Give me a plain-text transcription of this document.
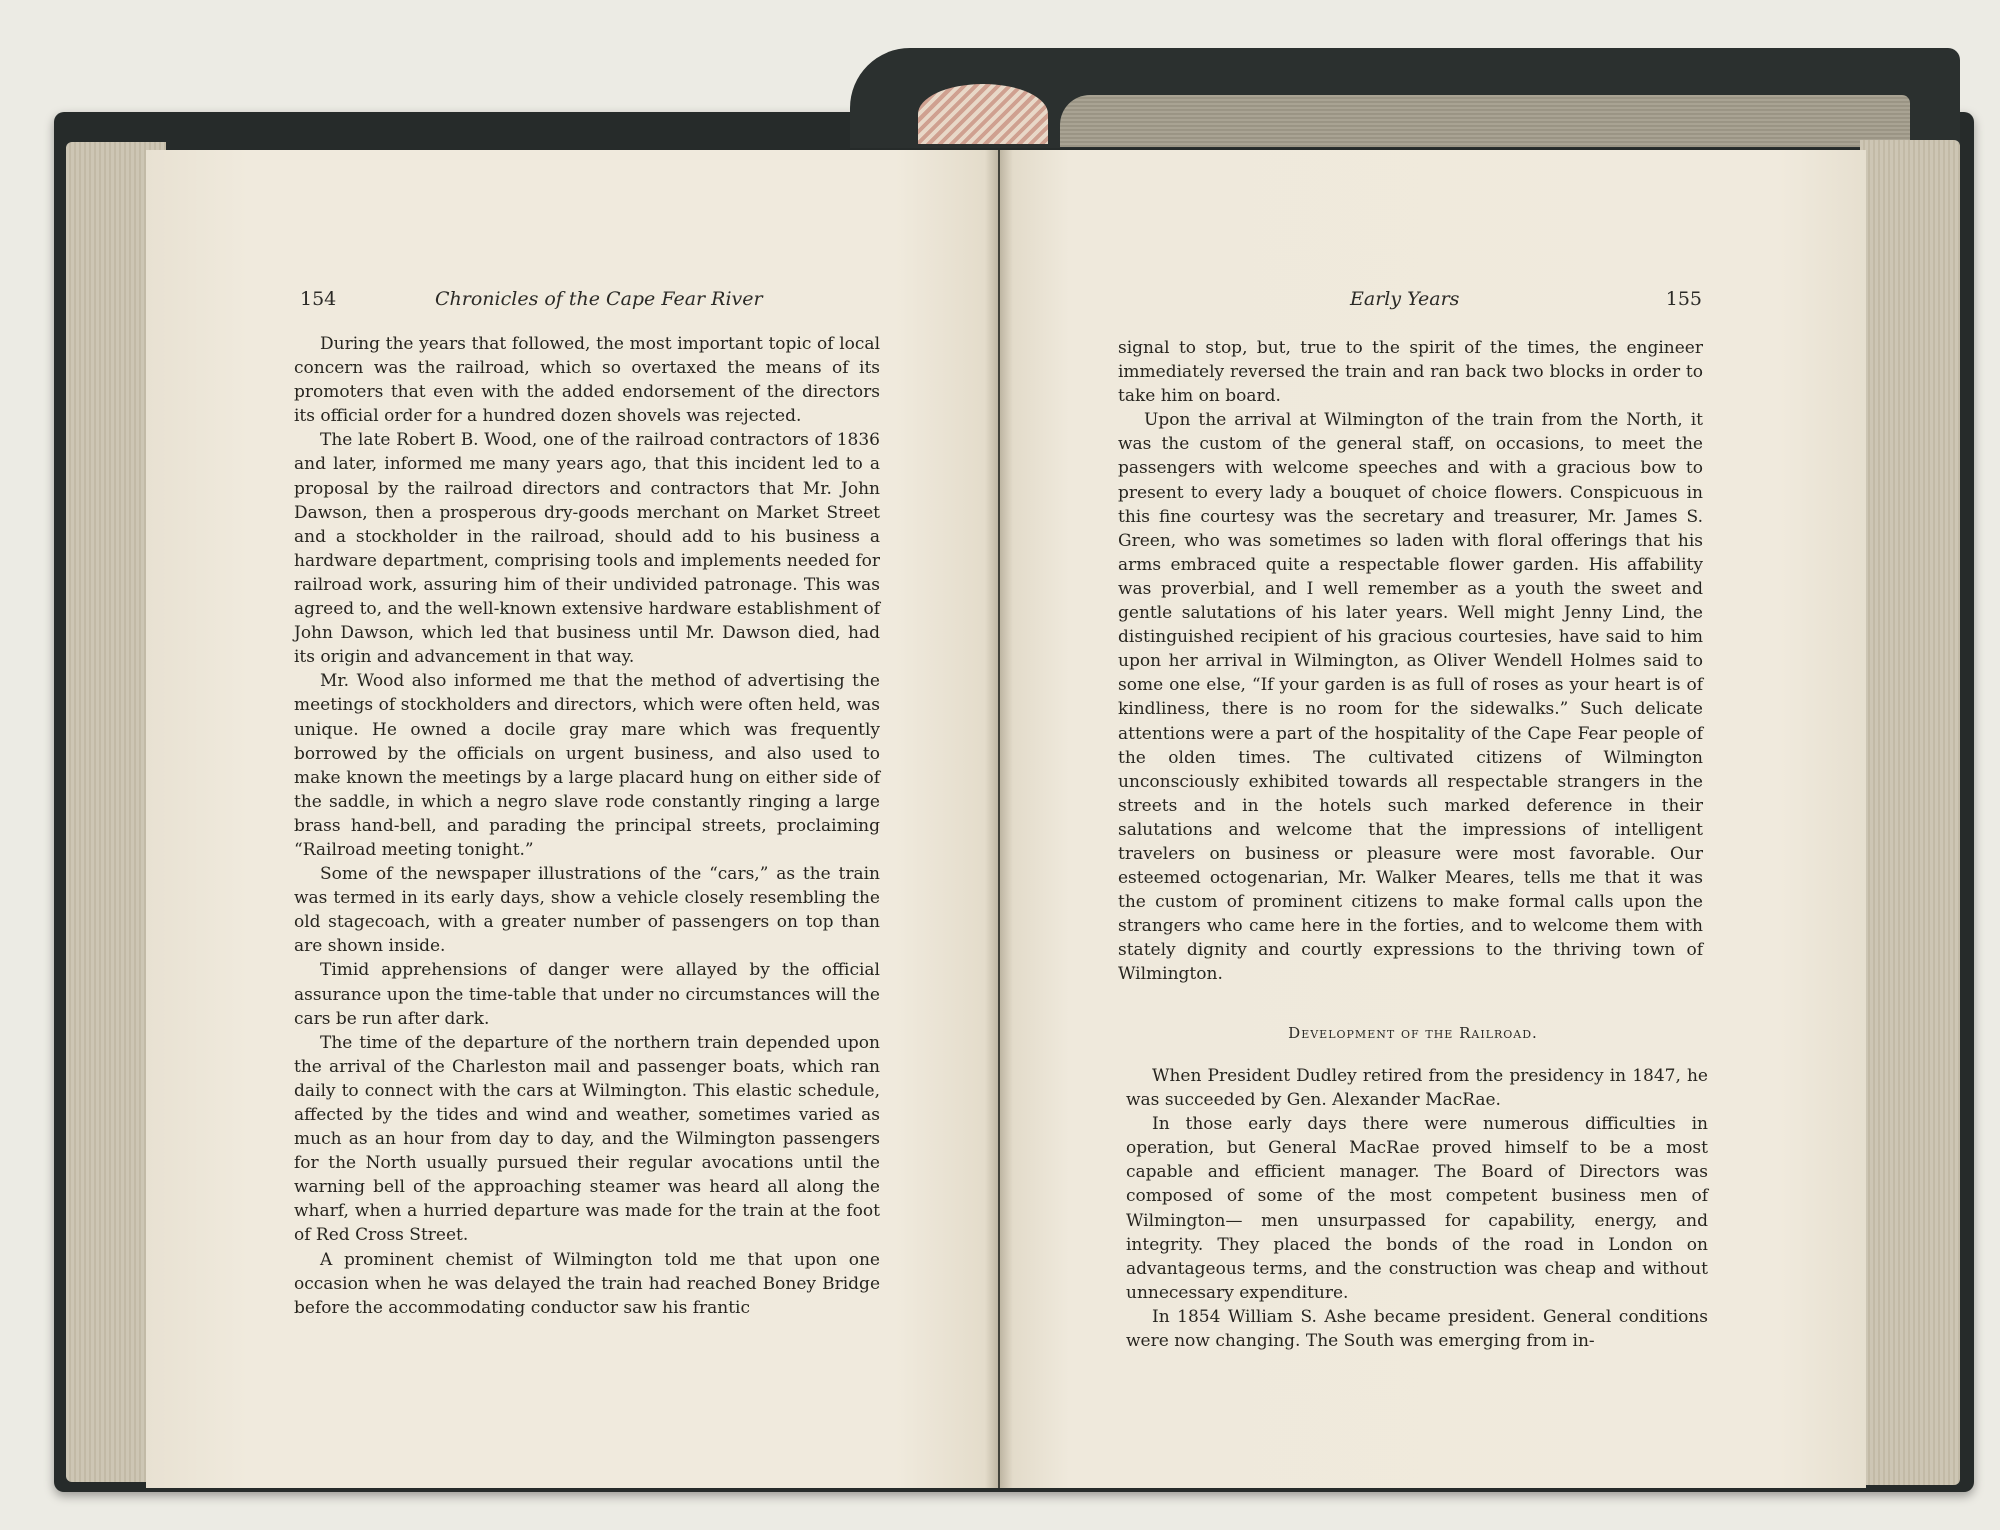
154	Chronicles of the Cape Fear River	Early Years	155

During the years that followed, the most important topic of local concern was the railroad, which so overtaxed the means of its promoters that even with the added endorsement of the directors its official order for a hundred dozen shovels was rejected.

The late Robert B. Wood, one of the railroad contractors of 1836 and later, informed me many years ago, that this incident led to a proposal by the railroad directors and contractors that Mr. John Dawson, then a prosperous dry-goods merchant on Market Street and a stockholder in the railroad, should add to his business a hardware department, comprising tools and implements needed for railroad work, assuring him of their undivided patronage. This was agreed to, and the well-known extensive hardware establishment of John Dawson, which led that business until Mr. Dawson died, had its origin and advancement in that way.

Mr. Wood also informed me that the method of advertising the meetings of stockholders and directors, which were often held, was unique. He owned a docile gray mare which was frequently borrowed by the officials on urgent business, and also used to make known the meetings by a large placard hung on either side of the saddle, in which a negro slave rode constantly ringing a large brass hand-bell, and parading the principal streets, proclaiming “Railroad meeting tonight.”

Some of the newspaper illustrations of the “cars,” as the train was termed in its early days, show a vehicle closely resembling the old stagecoach, with a greater number of passengers on top than are shown inside.

Timid apprehensions of danger were allayed by the official assurance upon the time-table that under no circumstances will the cars be run after dark.

The time of the departure of the northern train depended upon the arrival of the Charleston mail and passenger boats, which ran daily to connect with the cars at Wilmington. This elastic schedule, affected by the tides and wind and weather, sometimes varied as much as an hour from day to day, and the Wilmington passengers for the North usually pursued their regular avocations until the warning bell of the approaching steamer was heard all along the wharf, when a hurried departure was made for the train at the foot of Red Cross Street.

A prominent chemist of Wilmington told me that upon one occasion when he was delayed the train had reached Boney Bridge before the accommodating conductor saw his frantic

signal to stop, but, true to the spirit of the times, the engineer immediately reversed the train and ran back two blocks in order to take him on board.

Upon the arrival at Wilmington of the train from the North, it was the custom of the general staff, on occasions, to meet the passengers with welcome speeches and with a gracious bow to present to every lady a bouquet of choice flowers. Conspicuous in this fine courtesy was the secretary and treasurer, Mr. James S. Green, who was sometimes so laden with floral offerings that his arms embraced quite a respectable flower garden. His affability was proverbial, and I well remember as a youth the sweet and gentle salutations of his later years. Well might Jenny Lind, the distinguished recipient of his gracious courtesies, have said to him upon her arrival in Wilmington, as Oliver Wendell Holmes said to some one else, “If your garden is as full of roses as your heart is of kindliness, there is no room for the sidewalks.” Such delicate attentions were a part of the hospitality of the Cape Fear people of the olden times. The cultivated citizens of Wilmington unconsciously exhibited towards all respectable strangers in the streets and in the hotels such marked deference in their salutations and welcome that the impressions of intelligent travelers on business or pleasure were most favorable. Our esteemed octogenarian, Mr. Walker Meares, tells me that it was the custom of prominent citizens to make formal calls upon the strangers who came here in the forties, and to welcome them with stately dignity and courtly expressions to the thriving town of Wilmington.

Development of the Railroad.

When President Dudley retired from the presidency in 1847, he was succeeded by Gen. Alexander MacRae.

In those early days there were numerous difficulties in operation, but General MacRae proved himself to be a most capable and efficient manager. The Board of Directors was composed of some of the most competent business men of Wilmington— men unsurpassed for capability, energy, and integrity. They placed the bonds of the road in London on advantageous terms, and the construction was cheap and without unnecessary expenditure.

In 1854 William S. Ashe became president. General conditions were now changing. The South was emerging from in-
